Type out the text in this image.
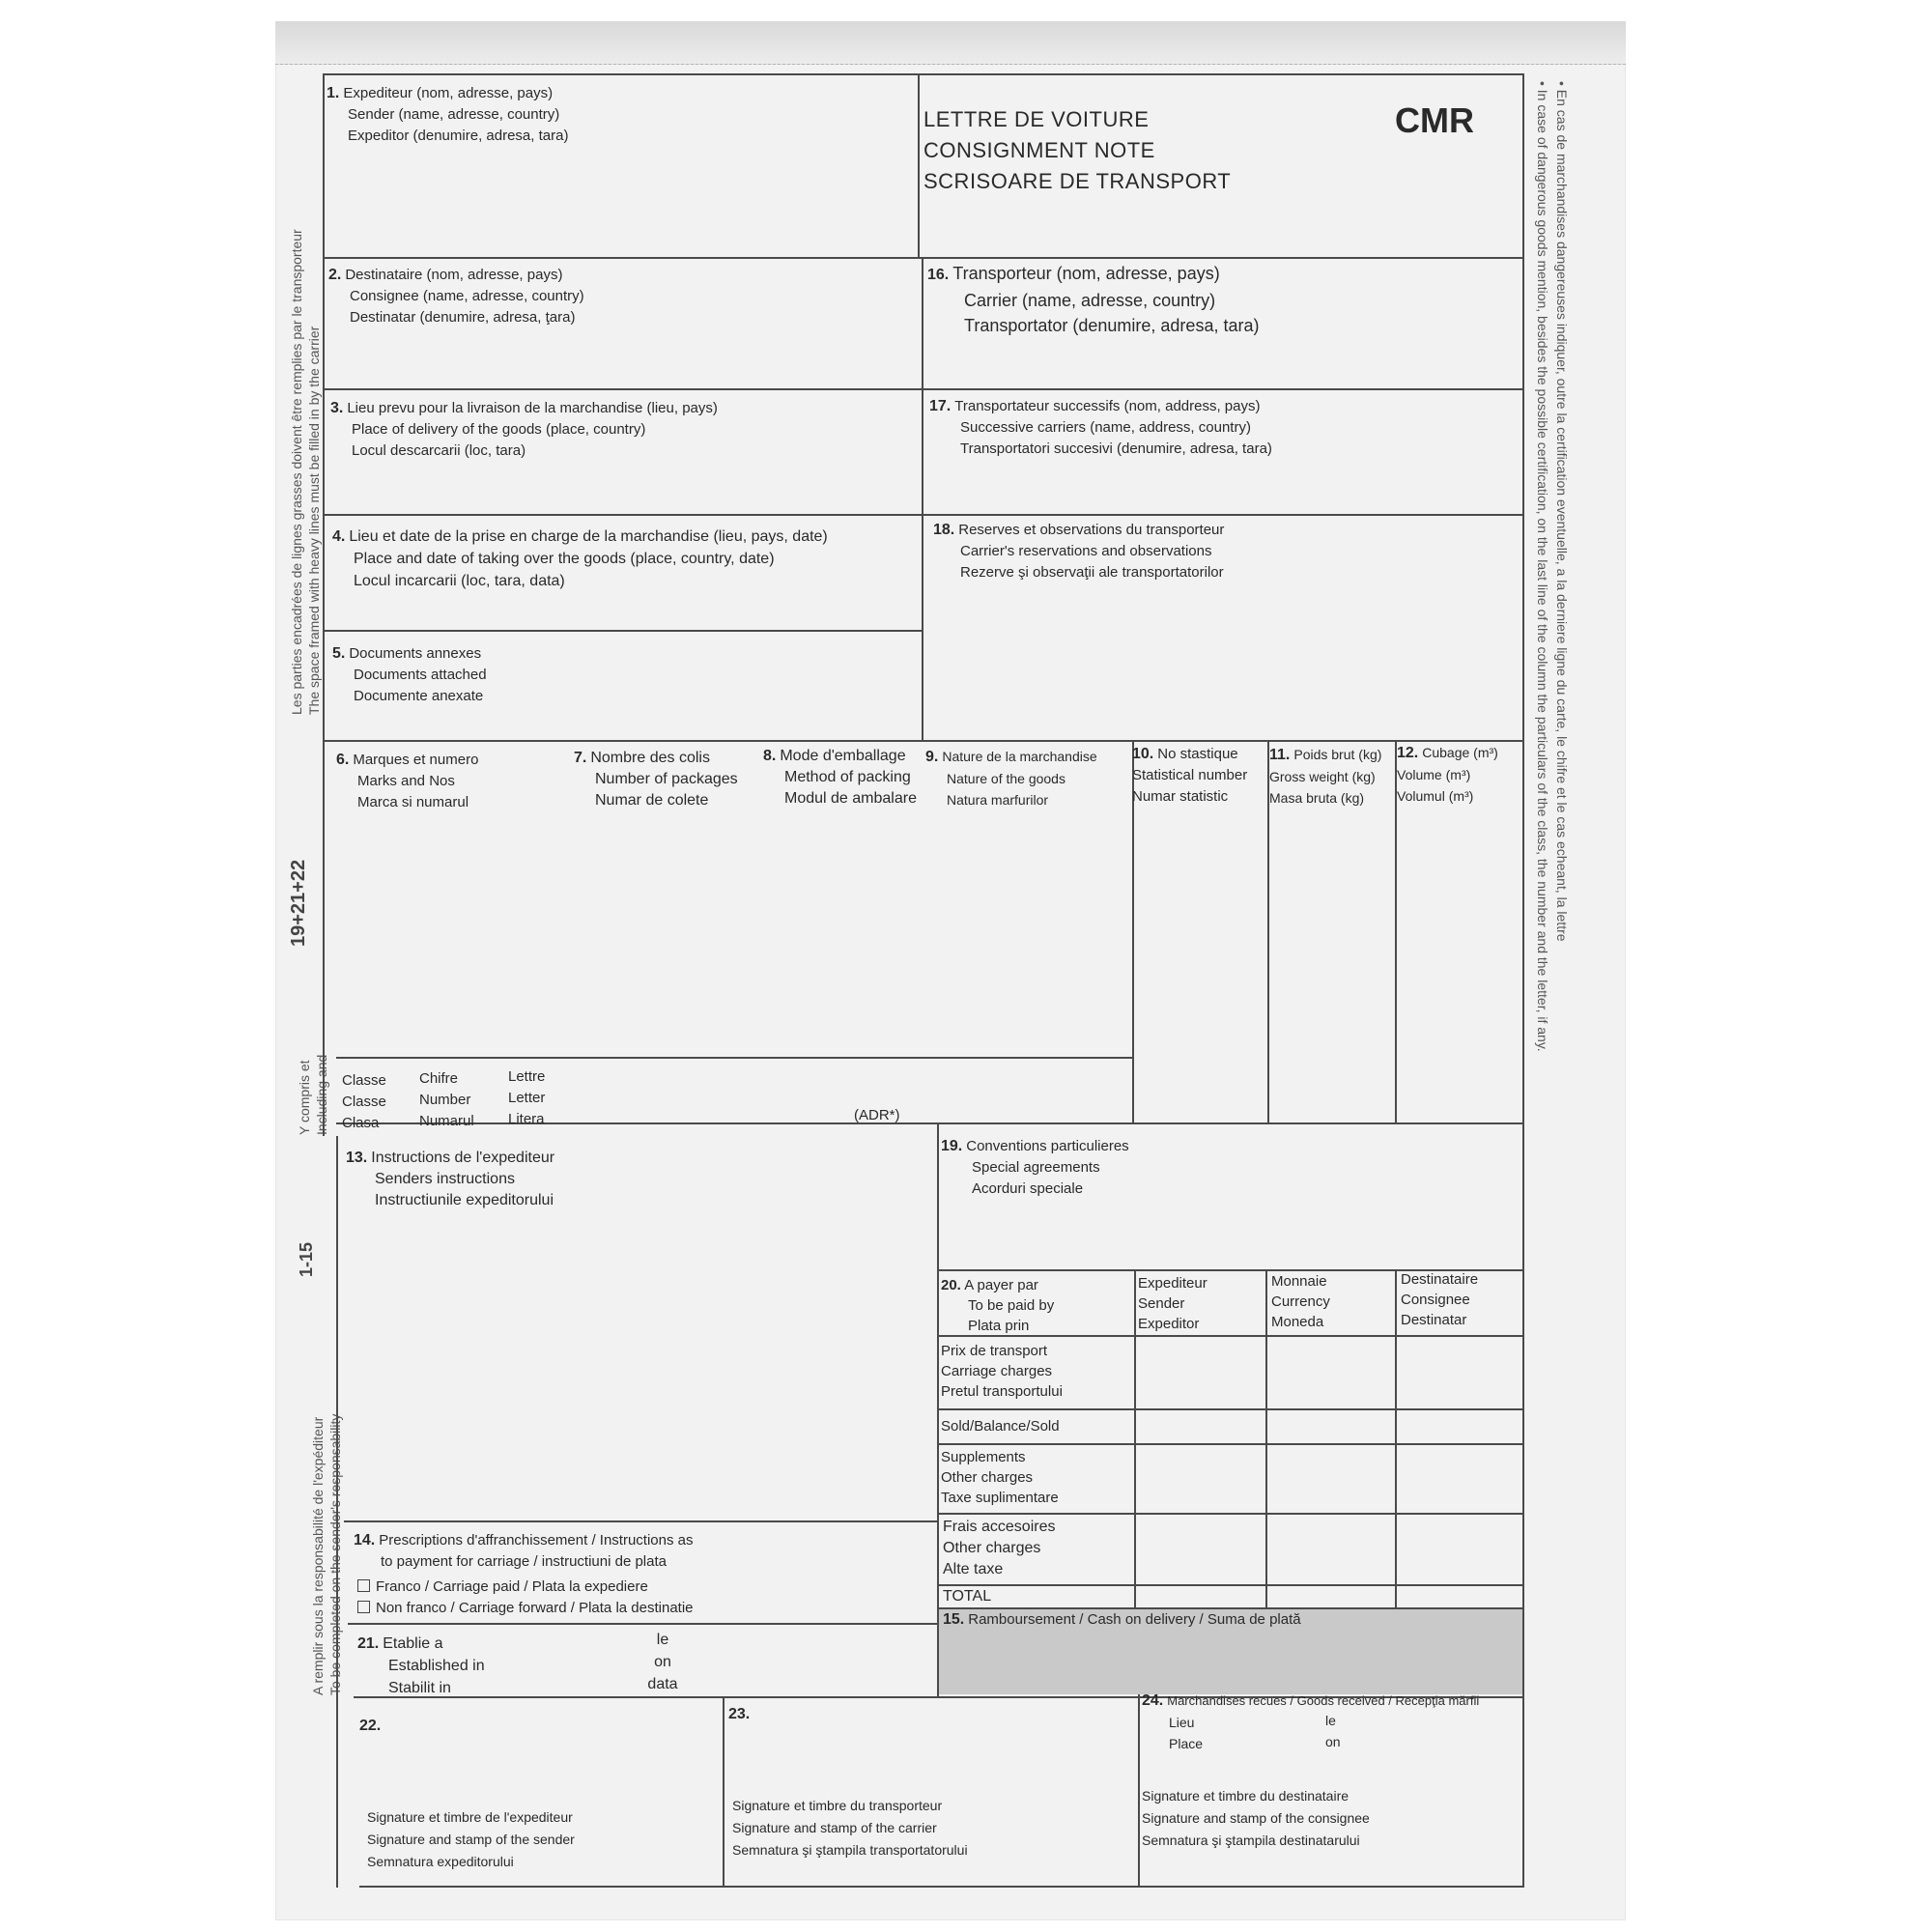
Les parties encadrées de lignes grasses doivent être remplies par le transporteur The space framed with heavy lines must be filled in by the carrier
19+21+22
Y compris et Including and
1-15
A remplir sous la responsabilité de l'expéditeur To be completed on the sender's responsability
• En cas de marchandises dangereuses indiquer, outre la certification eventuelle, a la derniere ligne du carte, le chifre et le cas echeant, la lettre
• In case of dangerous goods mention, besides the possible certification, on the last line of the column the particulars of the class, the number and the letter, if any.
LETTRE DE VOITURE
CONSIGNMENT NOTE
SCRISOARE DE TRANSPORT
CMR
1. Expediteur (nom, adresse, pays)
Sender (name, adresse, country)
Expeditor (denumire, adresa, tara)
2. Destinataire (nom, adresse, pays)
Consignee (name, adresse, country)
Destinatar (denumire, adresa, ţara)
16. Transporteur (nom, adresse, pays)
Carrier (name, adresse, country)
Transportator (denumire, adresa, tara)
3. Lieu prevu pour la livraison de la marchandise (lieu, pays)
Place of delivery of the goods (place, country)
Locul descarcarii (loc, tara)
17. Transportateur successifs (nom, address, pays)
Successive carriers (name, address, country)
Transportatori succesivi (denumire, adresa, tara)
4. Lieu et date de la prise en charge de la marchandise (lieu, pays, date)
Place and date of taking over the goods (place, country, date)
Locul incarcarii (loc, tara, data)
18. Reserves et observations du transporteur
Carrier's reservations and observations
Rezerve şi observaţii ale transportatorilor
5. Documents annexes
Documents attached
Documente anexate
6. Marques et numero
Marks and Nos
Marca si numarul
7. Nombre des colis
Number of packages
Numar de colete
8. Mode d'emballage
Method of packing
Modul de ambalare
9. Nature de la marchandise
Nature of the goods
Natura marfurilor
10. No stastique
Statistical number
Numar statistic
11. Poids brut (kg)
Gross weight (kg)
Masa bruta (kg)
12. Cubage (m³)
Volume (m³)
Volumul (m³)
Classe
Classe
Clasa
Chifre
Number
Numarul
Lettre
Letter
Litera	(ADR*)
13. Instructions de l'expediteur
Senders instructions
Instructiunile expeditorului
19. Conventions particulieres
Special agreements
Acorduri speciale
20. A payer par
To be paid by
Plata prin
Expediteur
Sender
Expeditor
Monnaie
Currency
Moneda
Destinataire
Consignee
Destinatar
Prix de transport
Carriage charges
Pretul transportului
Sold/Balance/Sold
Supplements
Other charges
Taxe suplimentare
Frais accesoires
Other charges
Alte taxe
TOTAL
14. Prescriptions d'affranchissement / Instructions as
to payment for carriage / instructiuni de plata
Franco / Carriage paid / Plata la expediere
Non franco / Carriage forward / Plata la destinatie
15. Ramboursement / Cash on delivery / Suma de plată
21. Etablie a
Established in
Stabilit in
le
on
data
22.
Signature et timbre de l'expediteur
Signature and stamp of the sender
Semnatura expeditorului
23.
Signature et timbre du transporteur
Signature and stamp of the carrier
Semnatura şi ştampila transportatorului
24. Marchandises recues / Goods received / Recepţia mărfii
Lieu
Place
le
on
Signature et timbre du destinataire
Signature and stamp of the consignee
Semnatura şi ştampila destinatarului
